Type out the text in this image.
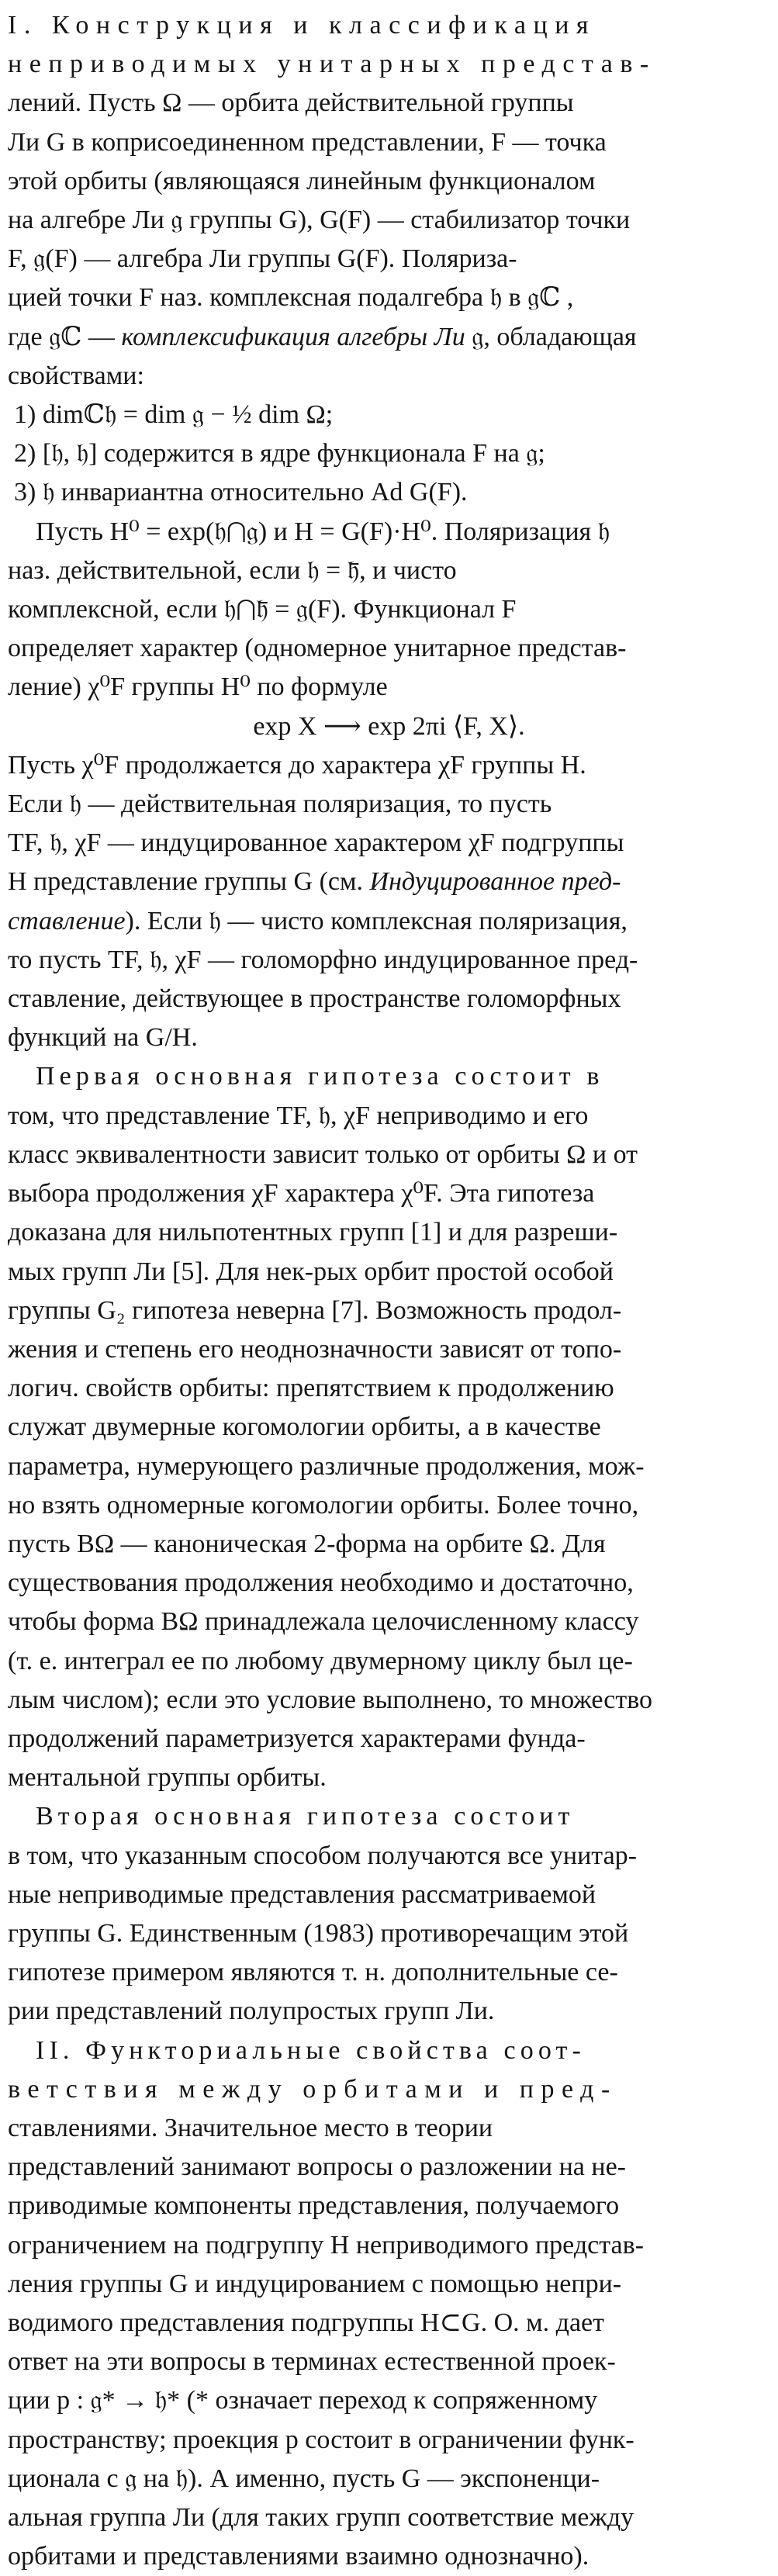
I. Конструкция и классификация
неприводимых унитарных представ-
лений. Пусть Ω — орбита действительной группы
Ли G в коприсоединенном представлении, F — точка
этой орбиты (являющаяся линейным функционалом
на алгебре Ли 𝔤 группы G), G(F) — стабилизатор точки
F, 𝔤(F) — алгебра Ли группы G(F). Поляриза-
цией точки F наз. комплексная подалгебра 𝔥 в 𝔤ℂ ,
где 𝔤ℂ — комплексификация алгебры Ли 𝔤, обладающая
свойствами:
1) dimℂ𝔥 = dim 𝔤 − ½ dim Ω;
2) [𝔥, 𝔥] содержится в ядре функционала F на 𝔤;
3) 𝔥 инвариантна относительно Ad G(F).
Пусть H⁰ = exp(𝔥⋂𝔤) и H = G(F)·H⁰. Поляризация 𝔥
наз. действительной, если 𝔥 = 𝔥̄, и чисто
комплексной, если 𝔥⋂𝔥̄ = 𝔤(F). Функционал F
определяет характер (одномерное унитарное представ-
ление) χ⁰F группы H⁰ по формуле
exp X ⟶ exp 2πi ⟨F, X⟩.
Пусть χ⁰F продолжается до характера χF группы H.
Если 𝔥 — действительная поляризация, то пусть
TF, 𝔥, χF — индуцированное характером χF подгруппы
H представление группы G (см. Индуцированное пред-
ставление). Если 𝔥 — чисто комплексная поляризация,
то пусть TF, 𝔥, χF — голоморфно индуцированное пред-
ставление, действующее в пространстве голоморфных
функций на G/H.
Первая основная гипотеза состоит в
том, что представление TF, 𝔥, χF неприводимо и его
класс эквивалентности зависит только от орбиты Ω и от
выбора продолжения χF характера χ⁰F. Эта гипотеза
доказана для нильпотентных групп [1] и для разреши-
мых групп Ли [5]. Для нек-рых орбит простой особой
группы G₂ гипотеза неверна [7]. Возможность продол-
жения и степень его неоднозначности зависят от топо-
логич. свойств орбиты: препятствием к продолжению
служат двумерные когомологии орбиты, а в качестве
параметра, нумерующего различные продолжения, мож-
но взять одномерные когомологии орбиты. Более точно,
пусть BΩ — каноническая 2-форма на орбите Ω. Для
существования продолжения необходимо и достаточно,
чтобы форма BΩ принадлежала целочисленному классу
(т. е. интеграл ее по любому двумерному циклу был це-
лым числом); если это условие выполнено, то множество
продолжений параметризуется характерами фунда-
ментальной группы орбиты.
Вторая основная гипотеза состоит
в том, что указанным способом получаются все унитар-
ные неприводимые представления рассматриваемой
группы G. Единственным (1983) противоречащим этой
гипотезе примером являются т. н. дополнительные се-
рии представлений полупростых групп Ли.
II. Функториальные свойства соот-
ветствия между орбитами и пред-
ставлениями. Значительное место в теории
представлений занимают вопросы о разложении на не-
приводимые компоненты представления, получаемого
ограничением на подгруппу H неприводимого представ-
ления группы G и индуцированием с помощью непри-
водимого представления подгруппы H⊂G. О. м. дает
ответ на эти вопросы в терминах естественной проек-
ции p : 𝔤* → 𝔥* (* означает переход к сопряженному
пространству; проекция p состоит в ограничении функ-
ционала с 𝔤 на 𝔥). А именно, пусть G — экспоненци-
альная группа Ли (для таких групп соответствие между
орбитами и представлениями взаимно однозначно).
